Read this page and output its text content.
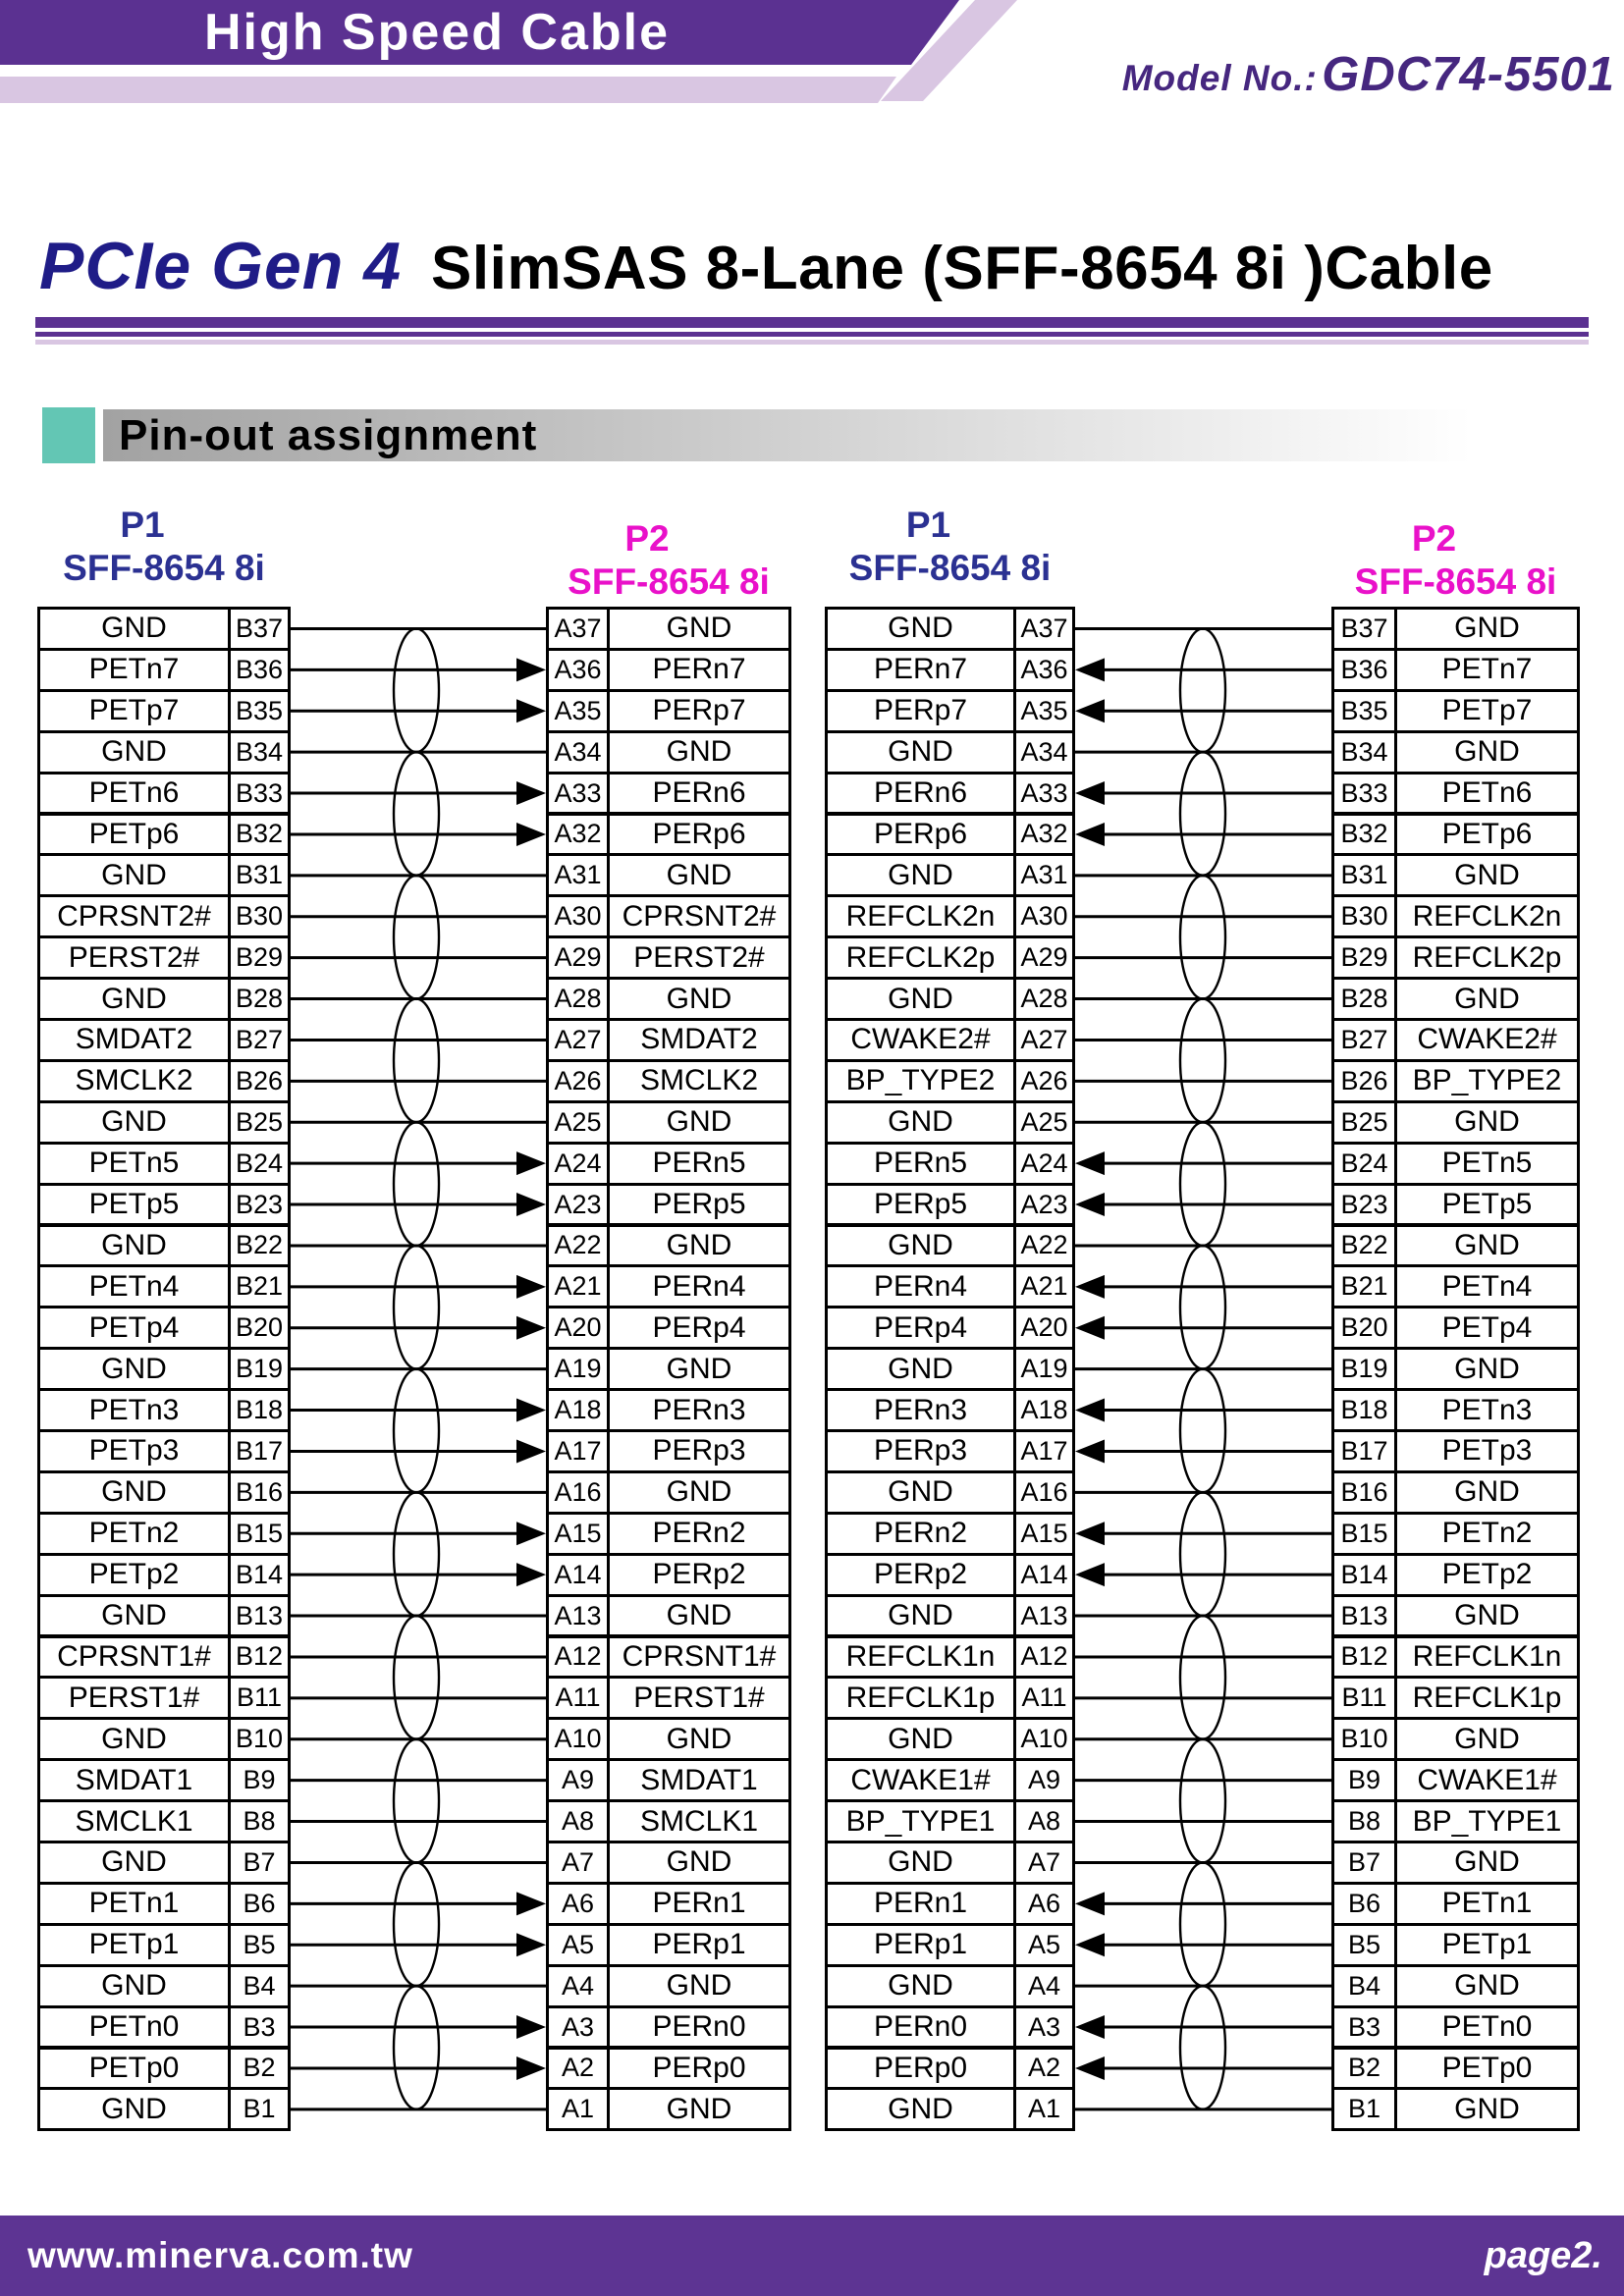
High Speed Cable
Model No.: GDC74-5501
PCIe Gen 4 SlimSAS 8-Lane (SFF-8654 8i )Cable
Pin-out assignment
P1
SFF-8654 8i
P2
SFF-8654 8i
GND	B37	A37	GND
PETn7	B36	A36	PERn7
PETp7	B35	A35	PERp7
GND	B34	A34	GND
PETn6	B33	A33	PERn6
PETp6	B32	A32	PERp6
GND	B31	A31	GND
CPRSNT2# B30	A30 CPRSNT2#
PERST2#	B29	A29	PERST2#
GND	B28	A28	GND
SMDAT2	B27	A27	SMDAT2
SMCLK2	B26	A26	SMCLK2
GND	B25	A25	GND
PETn5	B24	A24	PERn5
PETp5	B23	A23	PERp5
GND	B22	A22	GND
PETn4	B21	A21	PERn4
PETp4	B20	A20	PERp4
GND	B19	A19	GND
PETn3	B18	A18	PERn3
PETp3	B17	A17	PERp3
GND	B16	A16	GND
PETn2	B15	A15	PERn2
PETp2	B14	A14	PERp2
GND	B13	A13	GND
CPRSNT1# B12	A12 CPRSNT1#
PERST1#	B11	A11	PERST1#
GND	B10	A10	GND
SMDAT1	B9	A9	SMDAT1
SMCLK1	B8	A8	SMCLK1
GND	B7	A7	GND
PETn1	B6	A6	PERn1
PETp1	B5	A5	PERp1
GND	B4	A4	GND
PETn0	B3	A3	PERn0
PETp0	B2	A2	PERp0
GND	B1	A1	GND
P1
SFF-8654 8i
P2
SFF-8654 8i
GND	A37	B37	GND
PERn7	A36	B36	PETn7
PERp7	A35	B35	PETp7
GND	A34	B34	GND
PERn6	A33	B33	PETn6
PERp6	A32	B32	PETp6
GND	A31	B31	GND
REFCLK2n A30	B30 REFCLK2n
REFCLK2p A29	B29 REFCLK2p
GND	A28	B28	GND
CWAKE2#	A27	B27 CWAKE2#
BP_TYPE2 A26	B26 BP_TYPE2
GND	A25	B25	GND
PERn5	A24	B24	PETn5
PERp5	A23	B23	PETp5
GND	A22	B22	GND
PERn4	A21	B21	PETn4
PERp4	A20	B20	PETp4
GND	A19	B19	GND
PERn3	A18	B18	PETn3
PERp3	A17	B17	PETp3
GND	A16	B16	GND
PERn2	A15	B15	PETn2
PERp2	A14	B14	PETp2
GND	A13	B13	GND
REFCLK1n A12	B12 REFCLK1n
REFCLK1p	A11	B11 REFCLK1p
GND	A10	B10	GND
CWAKE1#	A9	B9	CWAKE1#
BP_TYPE1	A8	B8	BP_TYPE1
GND	A7	B7	GND
PERn1	A6	B6	PETn1
PERp1	A5	B5	PETp1
GND	A4	B4	GND
PERn0	A3	B3	PETn0
PERp0	A2	B2	PETp0
GND	A1	B1	GND
www.minerva.com.tw	page2.
